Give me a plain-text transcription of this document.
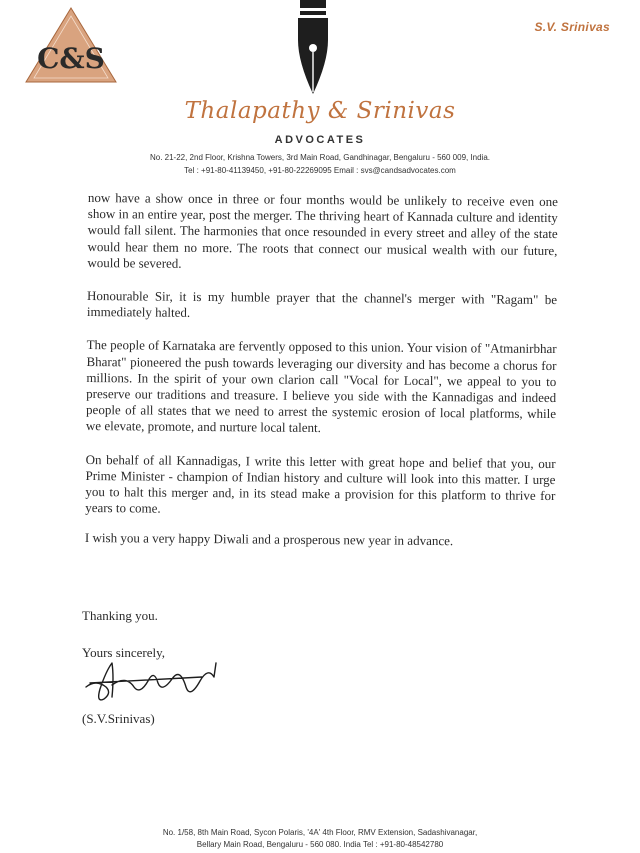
C&S
S.V. Srinivas
Thalapathy & Srinivas
ADVOCATES
No. 21-22, 2nd Floor, Krishna Towers, 3rd Main Road, Gandhinagar, Bengaluru - 560 009, India.
Tel : +91-80-41139450, +91-80-22269095 Email : svs@candsadvocates.com

now have a show once in three or four months would be unlikely to receive even one show in an entire year, post the merger. The thriving heart of Kannada culture and identity would fall silent. The harmonies that once resounded in every street and alley of the state would hear them no more. The roots that connect our musical wealth with our future, would be severed.

Honourable Sir, it is my humble prayer that the channel's merger with "Ragam" be immediately halted.

The people of Karnataka are fervently opposed to this union. Your vision of "Atmanirbhar Bharat" pioneered the push towards leveraging our diversity and has become a chorus for millions. In the spirit of your own clarion call "Vocal for Local", we appeal to you to preserve our traditions and treasure. I believe you side with the Kannadigas and indeed people of all states that we need to arrest the systemic erosion of local platforms, while we elevate, promote, and nurture local talent.

On behalf of all Kannadigas, I write this letter with great hope and belief that you, our Prime Minister - champion of Indian history and culture will look into this matter. I urge you to halt this merger and, in its stead make a provision for this platform to thrive for years to come.

I wish you a very happy Diwali and a prosperous new year in advance.

Thanking you.
Yours sincerely,
(S.V.Srinivas)
No. 1/58, 8th Main Road, Sycon Polaris, '4A' 4th Floor, RMV Extension, Sadashivanagar,
Bellary Main Road, Bengaluru - 560 080. India Tel : +91-80-48542780
